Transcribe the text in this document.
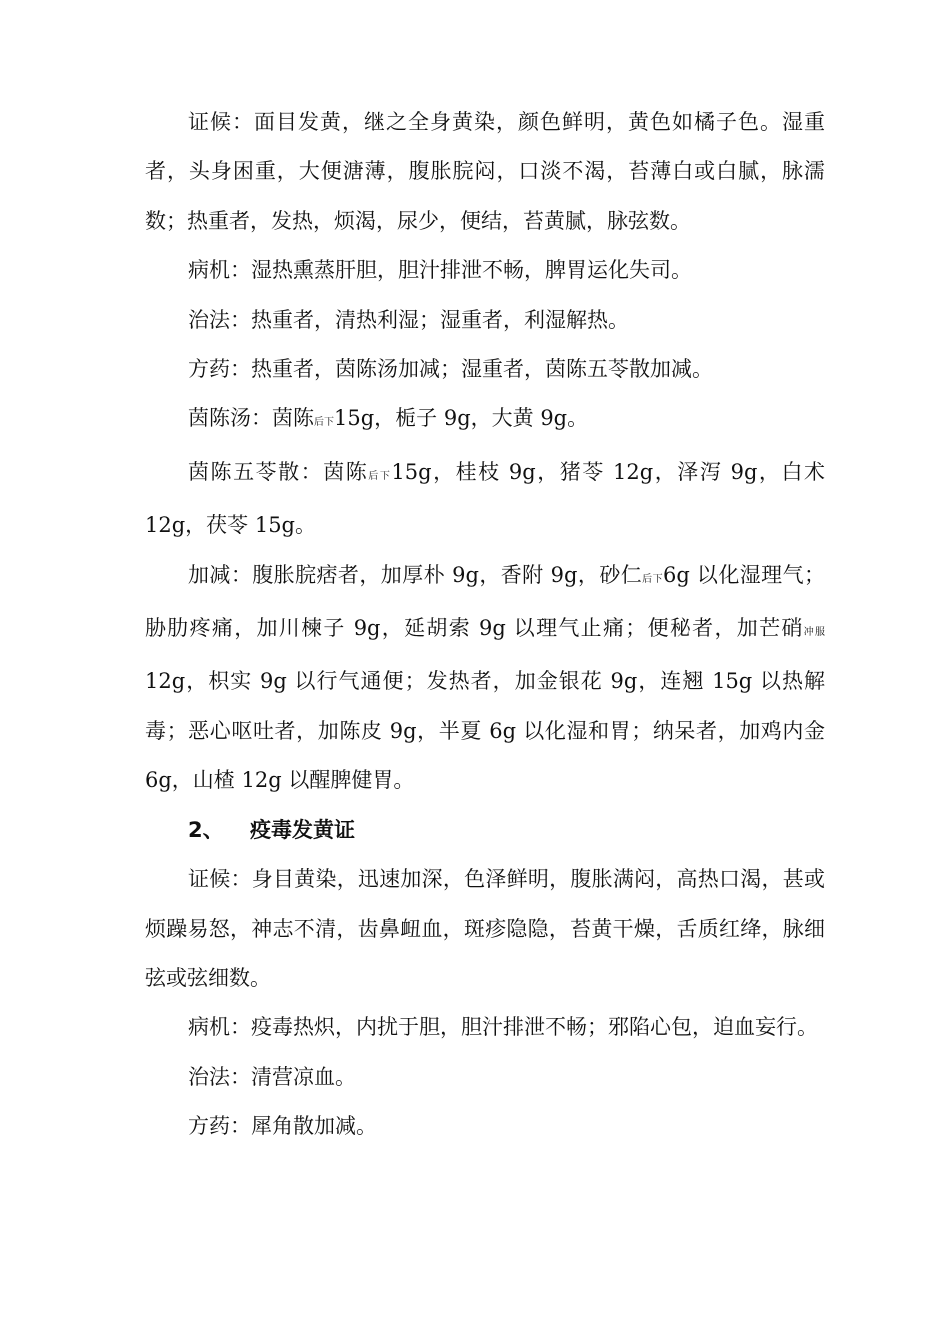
证候：面目发黄，继之全身黄染，颜色鲜明，黄色如橘子色。湿重者，头身困重，大便溏薄，腹胀脘闷，口淡不渴，苔薄白或白腻，脉濡数；热重者，发热，烦渴，尿少，便结，苔黄腻，脉弦数。

病机：湿热熏蒸肝胆，胆汁排泄不畅，脾胃运化失司。

治法：热重者，清热利湿；湿重者，利湿解热。

方药：热重者，茵陈汤加减；湿重者，茵陈五苓散加减。

茵陈汤：茵陈后下15g，栀子 9g，大黄 9g。

茵陈五苓散：茵陈后下15g，桂枝 9g，猪苓 12g，泽泻 9g，白术 12g，茯苓 15g。

加减：腹胀脘痞者，加厚朴 9g，香附 9g，砂仁后下6g 以化湿理气；胁肋疼痛，加川楝子 9g，延胡索 9g 以理气止痛；便秘者，加芒硝冲服12g，枳实 9g 以行气通便；发热者，加金银花 9g，连翘 15g 以热解毒；恶心呕吐者，加陈皮 9g，半夏 6g 以化湿和胃；纳呆者，加鸡内金 6g，山楂 12g 以醒脾健胃。

2、 疫毒发黄证

证候：身目黄染，迅速加深，色泽鲜明，腹胀满闷，高热口渴，甚或烦躁易怒，神志不清，齿鼻衄血，斑疹隐隐，苔黄干燥，舌质红绛，脉细弦或弦细数。

病机：疫毒热炽，内扰于胆，胆汁排泄不畅；邪陷心包，迫血妄行。

治法：清营凉血。

方药：犀角散加减。
